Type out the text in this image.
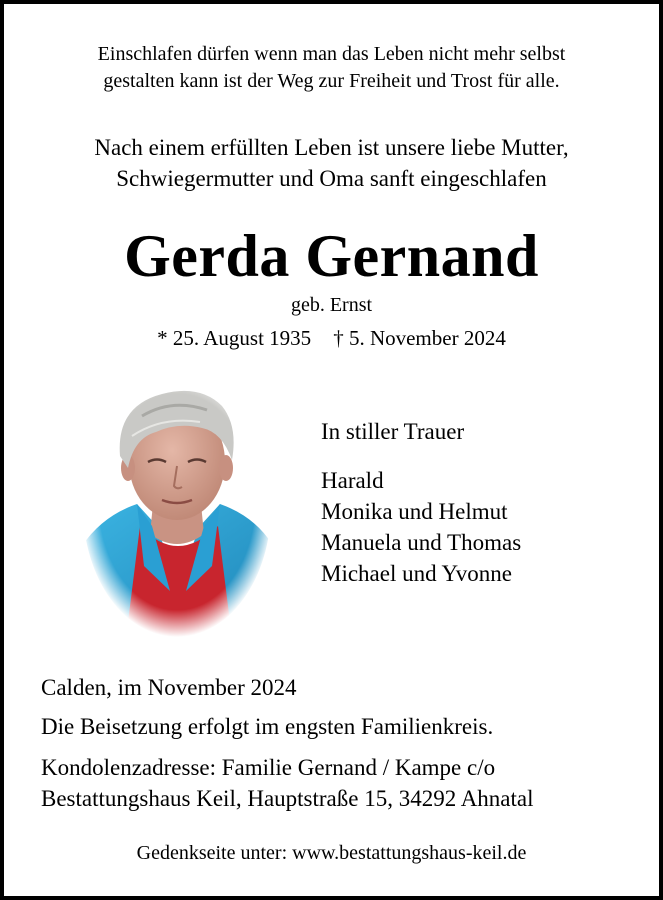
Einschlafen dürfen wenn man das Leben nicht mehr selbst
gestalten kann ist der Weg zur Freiheit und Trost für alle.
Nach einem erfüllten Leben ist unsere liebe Mutter,
Schwiegermutter und Oma sanft eingeschlafen
Gerda Gernand
geb. Ernst
* 25. August 1935 † 5. November 2024
In stiller Trauer
Harald
Monika und Helmut
Manuela und Thomas
Michael und Yvonne
Calden, im November 2024
Die Beisetzung erfolgt im engsten Familienkreis.
Kondolenzadresse: Familie Gernand / Kampe c/o
Bestattungshaus Keil, Hauptstraße 15, 34292 Ahnatal
Gedenkseite unter: www.bestattungshaus-keil.de
